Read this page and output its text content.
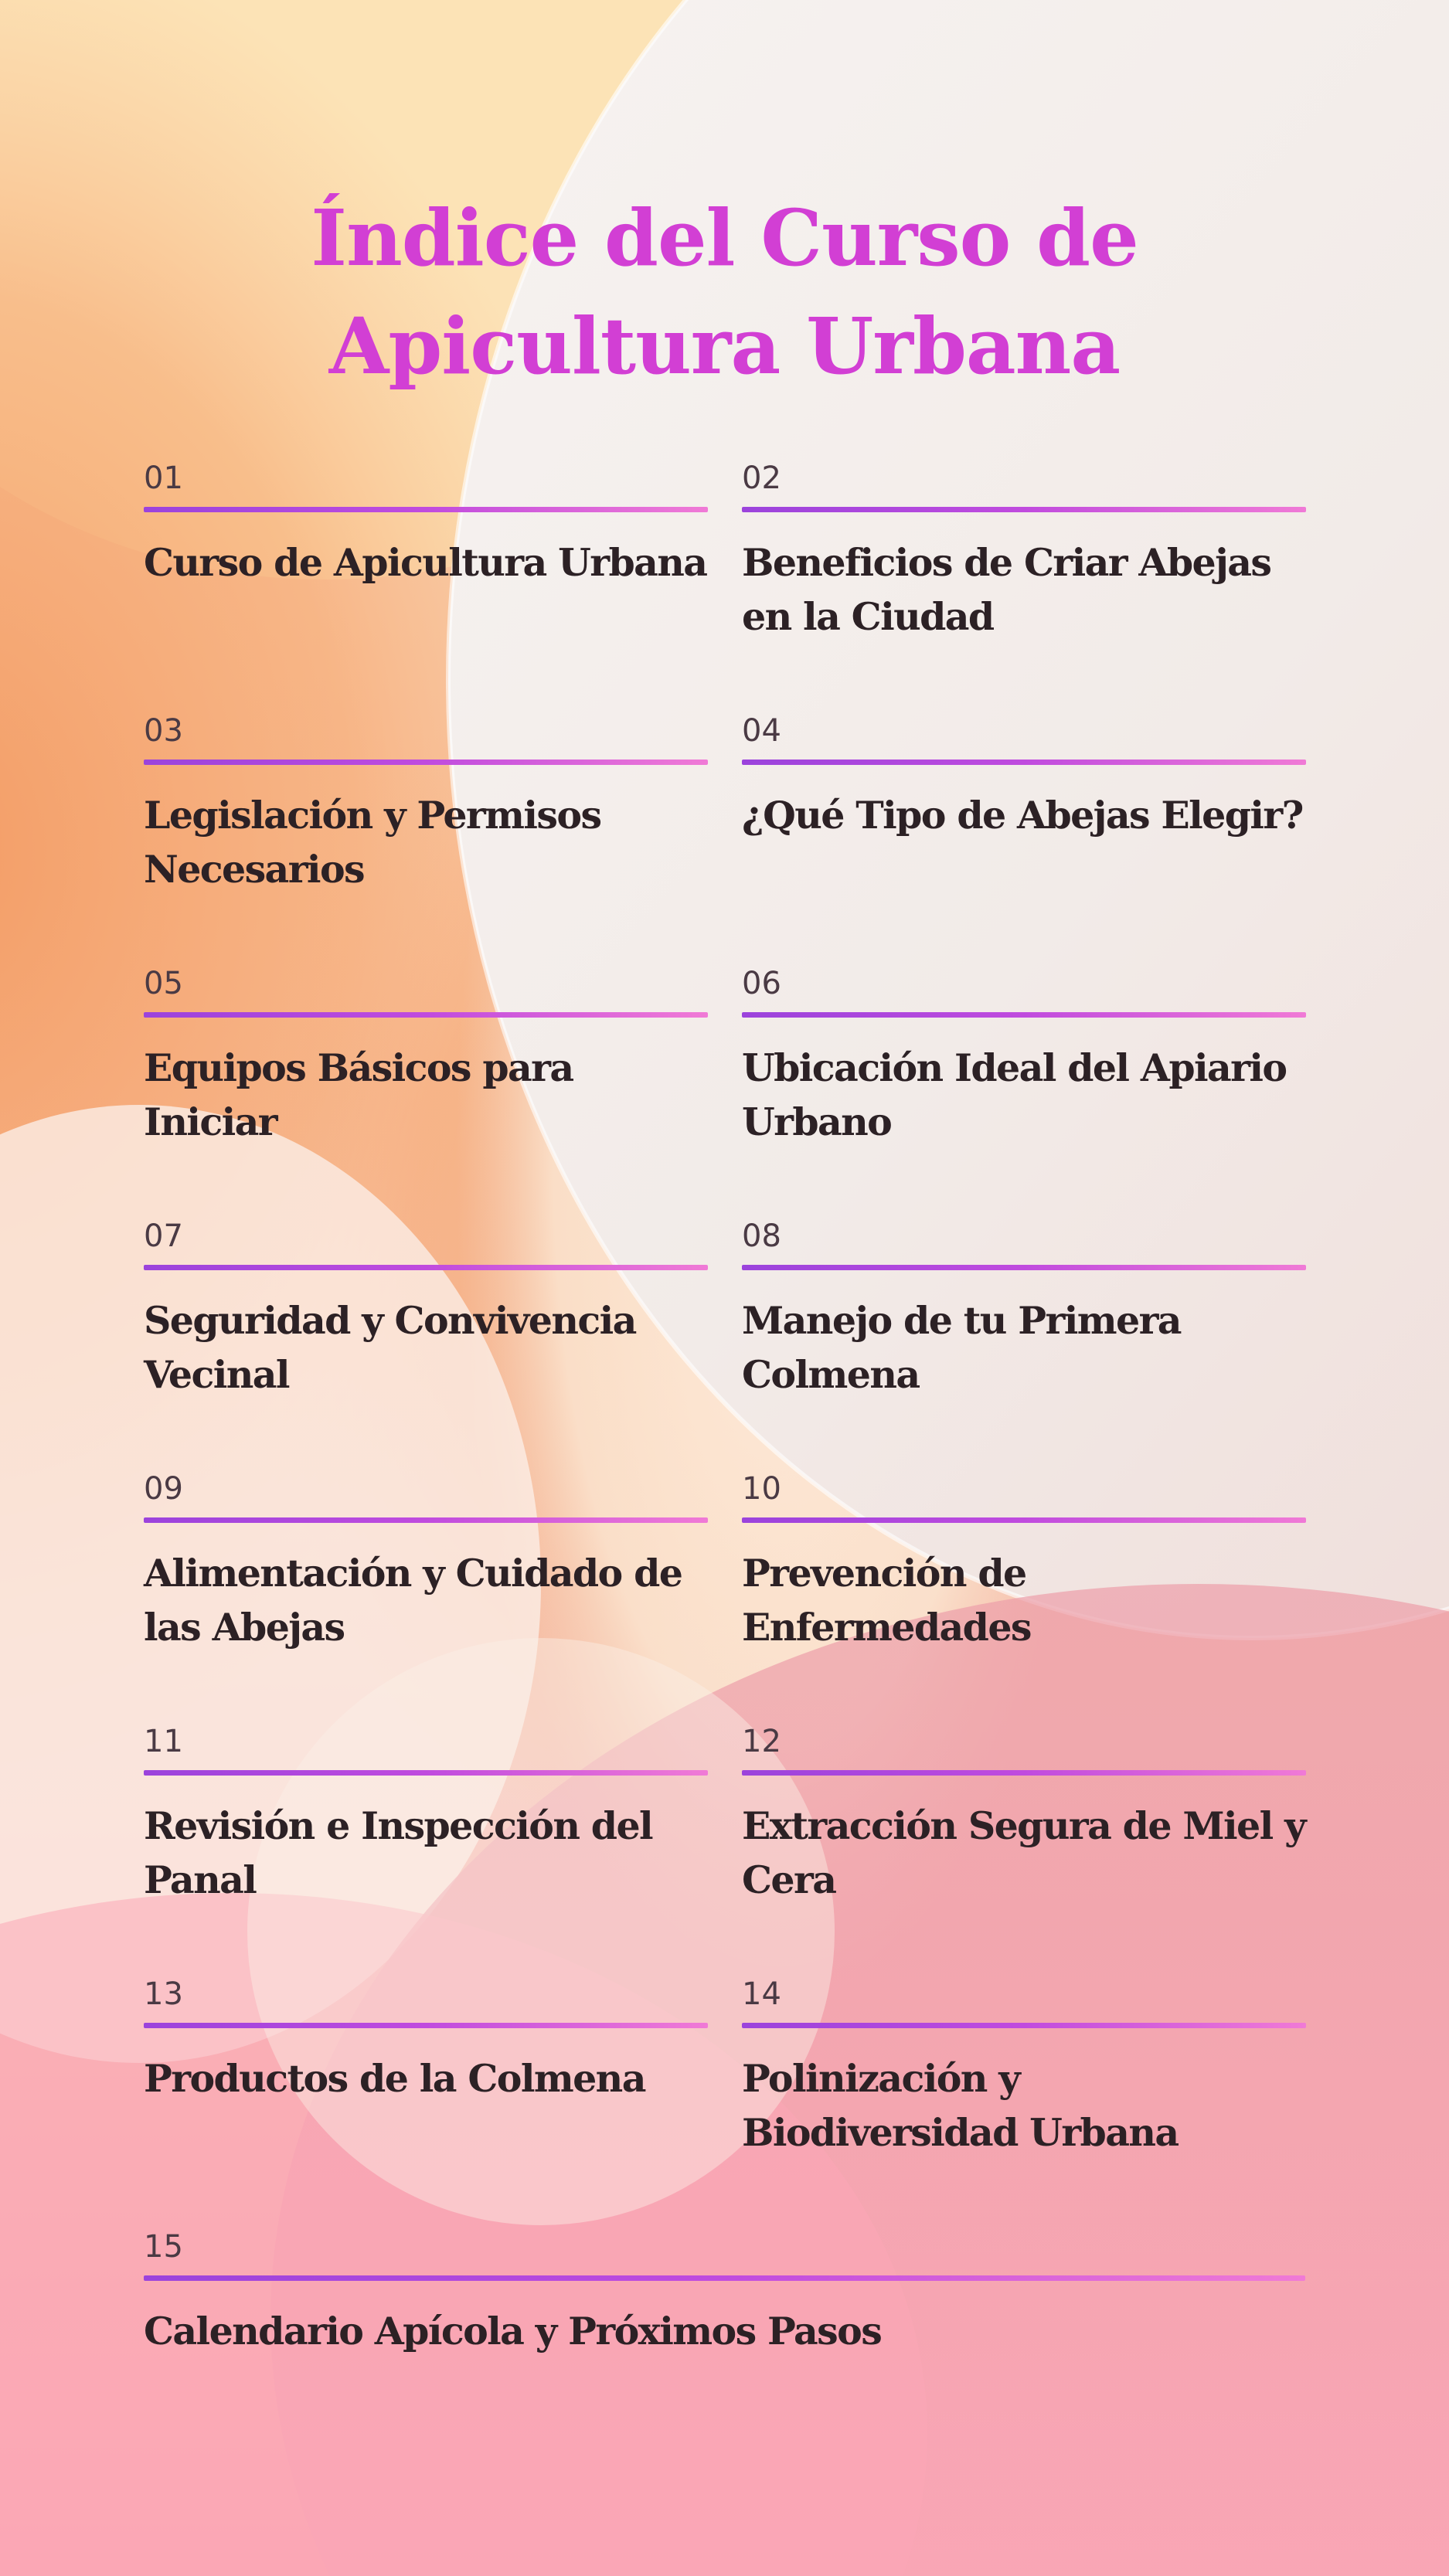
Índice del Curso de
Apicultura Urbana
01
Curso de Apicultura Urbana
02
Beneficios de Criar Abejas en la Ciudad
03
Legislación y Permisos Necesarios
04
¿Qué Tipo de Abejas Elegir?
05
Equipos Básicos para Iniciar
06
Ubicación Ideal del Apiario Urbano
07
Seguridad y Convivencia Vecinal
08
Manejo de tu Primera Colmena
09
Alimentación y Cuidado de las Abejas
10
Prevención de Enfermedades
11
Revisión e Inspección del Panal
12
Extracción Segura de Miel y Cera
13
Productos de la Colmena
14
Polinización y Biodiversidad Urbana
15
Calendario Apícola y Próximos Pasos
